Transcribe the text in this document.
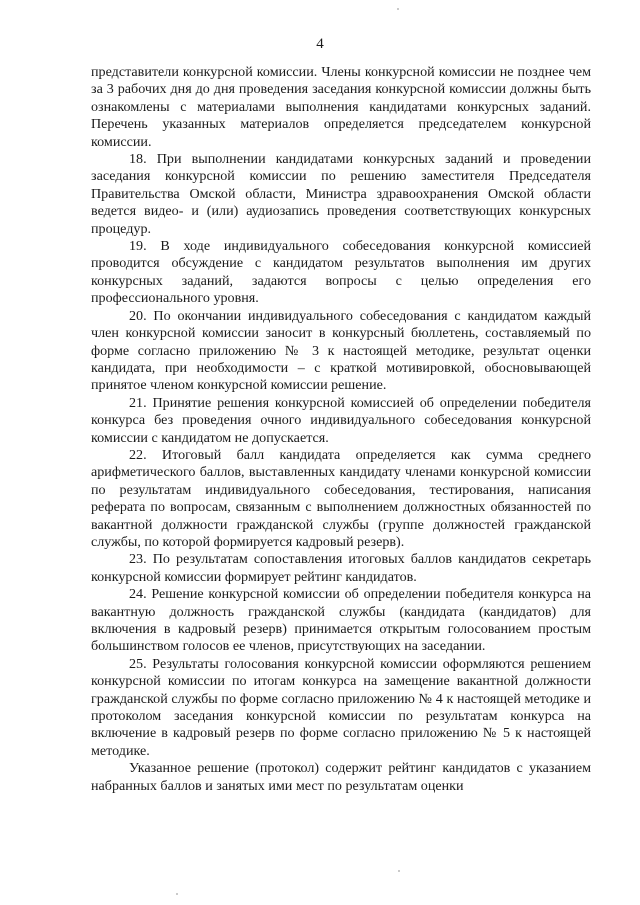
4

представители конкурсной комиссии. Члены конкурсной комиссии не позднее чем за 3 рабочих дня до дня проведения заседания конкурсной комиссии должны быть ознакомлены с материалами выполнения кандидатами конкурсных заданий. Перечень указанных материалов определяется председателем конкурсной комиссии.

18. При выполнении кандидатами конкурсных заданий и проведении заседания конкурсной комиссии по решению заместителя Председателя Правительства Омской области, Министра здравоохранения Омской области ведется видео- и (или) аудиозапись проведения соответствующих конкурсных процедур.

19. В ходе индивидуального собеседования конкурсной комиссией проводится обсуждение с кандидатом результатов выполнения им других конкурсных заданий, задаются вопросы с целью определения его профессионального уровня.

20. По окончании индивидуального собеседования с кандидатом каждый член конкурсной комиссии заносит в конкурсный бюллетень, составляемый по форме согласно приложению № 3 к настоящей методике, результат оценки кандидата, при необходимости – с краткой мотивировкой, обосновывающей принятое членом конкурсной комиссии решение.

21. Принятие решения конкурсной комиссией об определении победителя конкурса без проведения очного индивидуального собеседования конкурсной комиссии с кандидатом не допускается.

22. Итоговый балл кандидата определяется как сумма среднего арифметического баллов, выставленных кандидату членами конкурсной комиссии по результатам индивидуального собеседования, тестирования, написания реферата по вопросам, связанным с выполнением должностных обязанностей по вакантной должности гражданской службы (группе должностей гражданской службы, по которой формируется кадровый резерв).

23. По результатам сопоставления итоговых баллов кандидатов секретарь конкурсной комиссии формирует рейтинг кандидатов.

24. Решение конкурсной комиссии об определении победителя конкурса на вакантную должность гражданской службы (кандидата (кандидатов) для включения в кадровый резерв) принимается открытым голосованием простым большинством голосов ее членов, присутствующих на заседании.

25. Результаты голосования конкурсной комиссии оформляются решением конкурсной комиссии по итогам конкурса на замещение вакантной должности гражданской службы по форме согласно приложению № 4 к настоящей методике и протоколом заседания конкурсной комиссии по результатам конкурса на включение в кадровый резерв по форме согласно приложению № 5 к настоящей методике.

Указанное решение (протокол) содержит рейтинг кандидатов с указанием набранных баллов и занятых ими мест по результатам оценки
